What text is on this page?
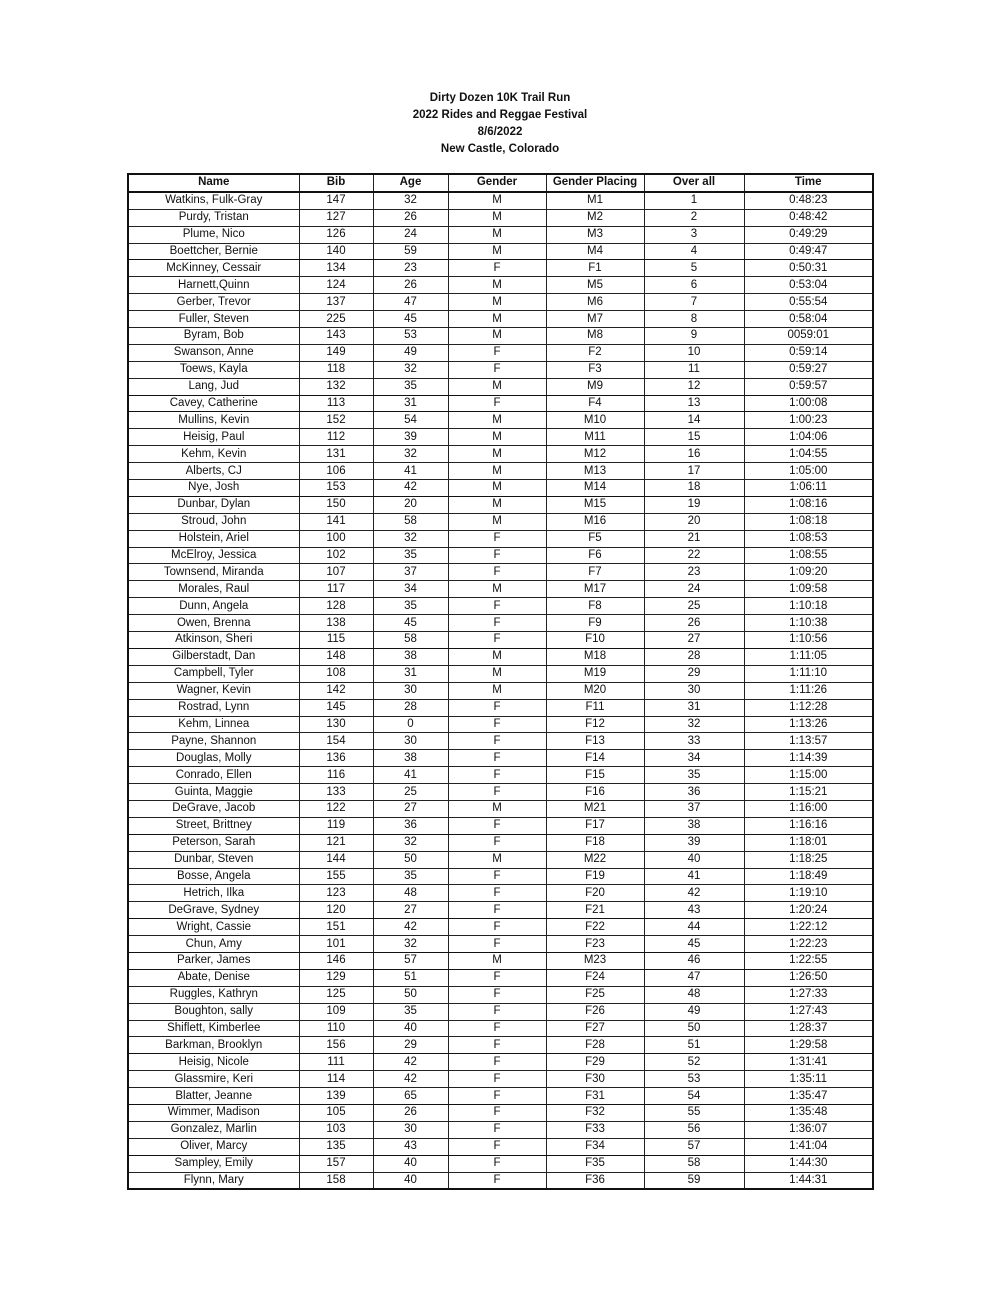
Dirty Dozen 10K Trail Run
2022 Rides and Reggae Festival
8/6/2022
New Castle, Colorado
Name	Bib	Age	Gender	Gender Placing	Over all	Time
Watkins, Fulk-Gray	147	32	M	M1	1	0:48:23
Purdy, Tristan	127	26	M	M2	2	0:48:42
Plume, Nico	126	24	M	M3	3	0:49:29
Boettcher, Bernie	140	59	M	M4	4	0:49:47
McKinney, Cessair	134	23	F	F1	5	0:50:31
Harnett,Quinn	124	26	M	M5	6	0:53:04
Gerber, Trevor	137	47	M	M6	7	0:55:54
Fuller, Steven	225	45	M	M7	8	0:58:04
Byram, Bob	143	53	M	M8	9	0059:01
Swanson, Anne	149	49	F	F2	10	0:59:14
Toews, Kayla	118	32	F	F3	11	0:59:27
Lang, Jud	132	35	M	M9	12	0:59:57
Cavey, Catherine	113	31	F	F4	13	1:00:08
Mullins, Kevin	152	54	M	M10	14	1:00:23
Heisig, Paul	112	39	M	M11	15	1:04:06
Kehm, Kevin	131	32	M	M12	16	1:04:55
Alberts, CJ	106	41	M	M13	17	1:05:00
Nye, Josh	153	42	M	M14	18	1:06:11
Dunbar, Dylan	150	20	M	M15	19	1:08:16
Stroud, John	141	58	M	M16	20	1:08:18
Holstein, Ariel	100	32	F	F5	21	1:08:53
McElroy, Jessica	102	35	F	F6	22	1:08:55
Townsend, Miranda	107	37	F	F7	23	1:09:20
Morales, Raul	117	34	M	M17	24	1:09:58
Dunn, Angela	128	35	F	F8	25	1:10:18
Owen, Brenna	138	45	F	F9	26	1:10:38
Atkinson, Sheri	115	58	F	F10	27	1:10:56
Gilberstadt, Dan	148	38	M	M18	28	1:11:05
Campbell, Tyler	108	31	M	M19	29	1:11:10
Wagner, Kevin	142	30	M	M20	30	1:11:26
Rostrad, Lynn	145	28	F	F11	31	1:12:28
Kehm, Linnea	130	0	F	F12	32	1:13:26
Payne, Shannon	154	30	F	F13	33	1:13:57
Douglas, Molly	136	38	F	F14	34	1:14:39
Conrado, Ellen	116	41	F	F15	35	1:15:00
Guinta, Maggie	133	25	F	F16	36	1:15:21
DeGrave, Jacob	122	27	M	M21	37	1:16:00
Street, Brittney	119	36	F	F17	38	1:16:16
Peterson, Sarah	121	32	F	F18	39	1:18:01
Dunbar, Steven	144	50	M	M22	40	1:18:25
Bosse, Angela	155	35	F	F19	41	1:18:49
Hetrich, Ilka	123	48	F	F20	42	1:19:10
DeGrave, Sydney	120	27	F	F21	43	1:20:24
Wright, Cassie	151	42	F	F22	44	1:22:12
Chun, Amy	101	32	F	F23	45	1:22:23
Parker, James	146	57	M	M23	46	1:22:55
Abate, Denise	129	51	F	F24	47	1:26:50
Ruggles, Kathryn	125	50	F	F25	48	1:27:33
Boughton, sally	109	35	F	F26	49	1:27:43
Shiflett, Kimberlee	110	40	F	F27	50	1:28:37
Barkman, Brooklyn	156	29	F	F28	51	1:29:58
Heisig, Nicole	111	42	F	F29	52	1:31:41
Glassmire, Keri	114	42	F	F30	53	1:35:11
Blatter, Jeanne	139	65	F	F31	54	1:35:47
Wimmer, Madison	105	26	F	F32	55	1:35:48
Gonzalez, Marlin	103	30	F	F33	56	1:36:07
Oliver, Marcy	135	43	F	F34	57	1:41:04
Sampley, Emily	157	40	F	F35	58	1:44:30
Flynn, Mary	158	40	F	F36	59	1:44:31
